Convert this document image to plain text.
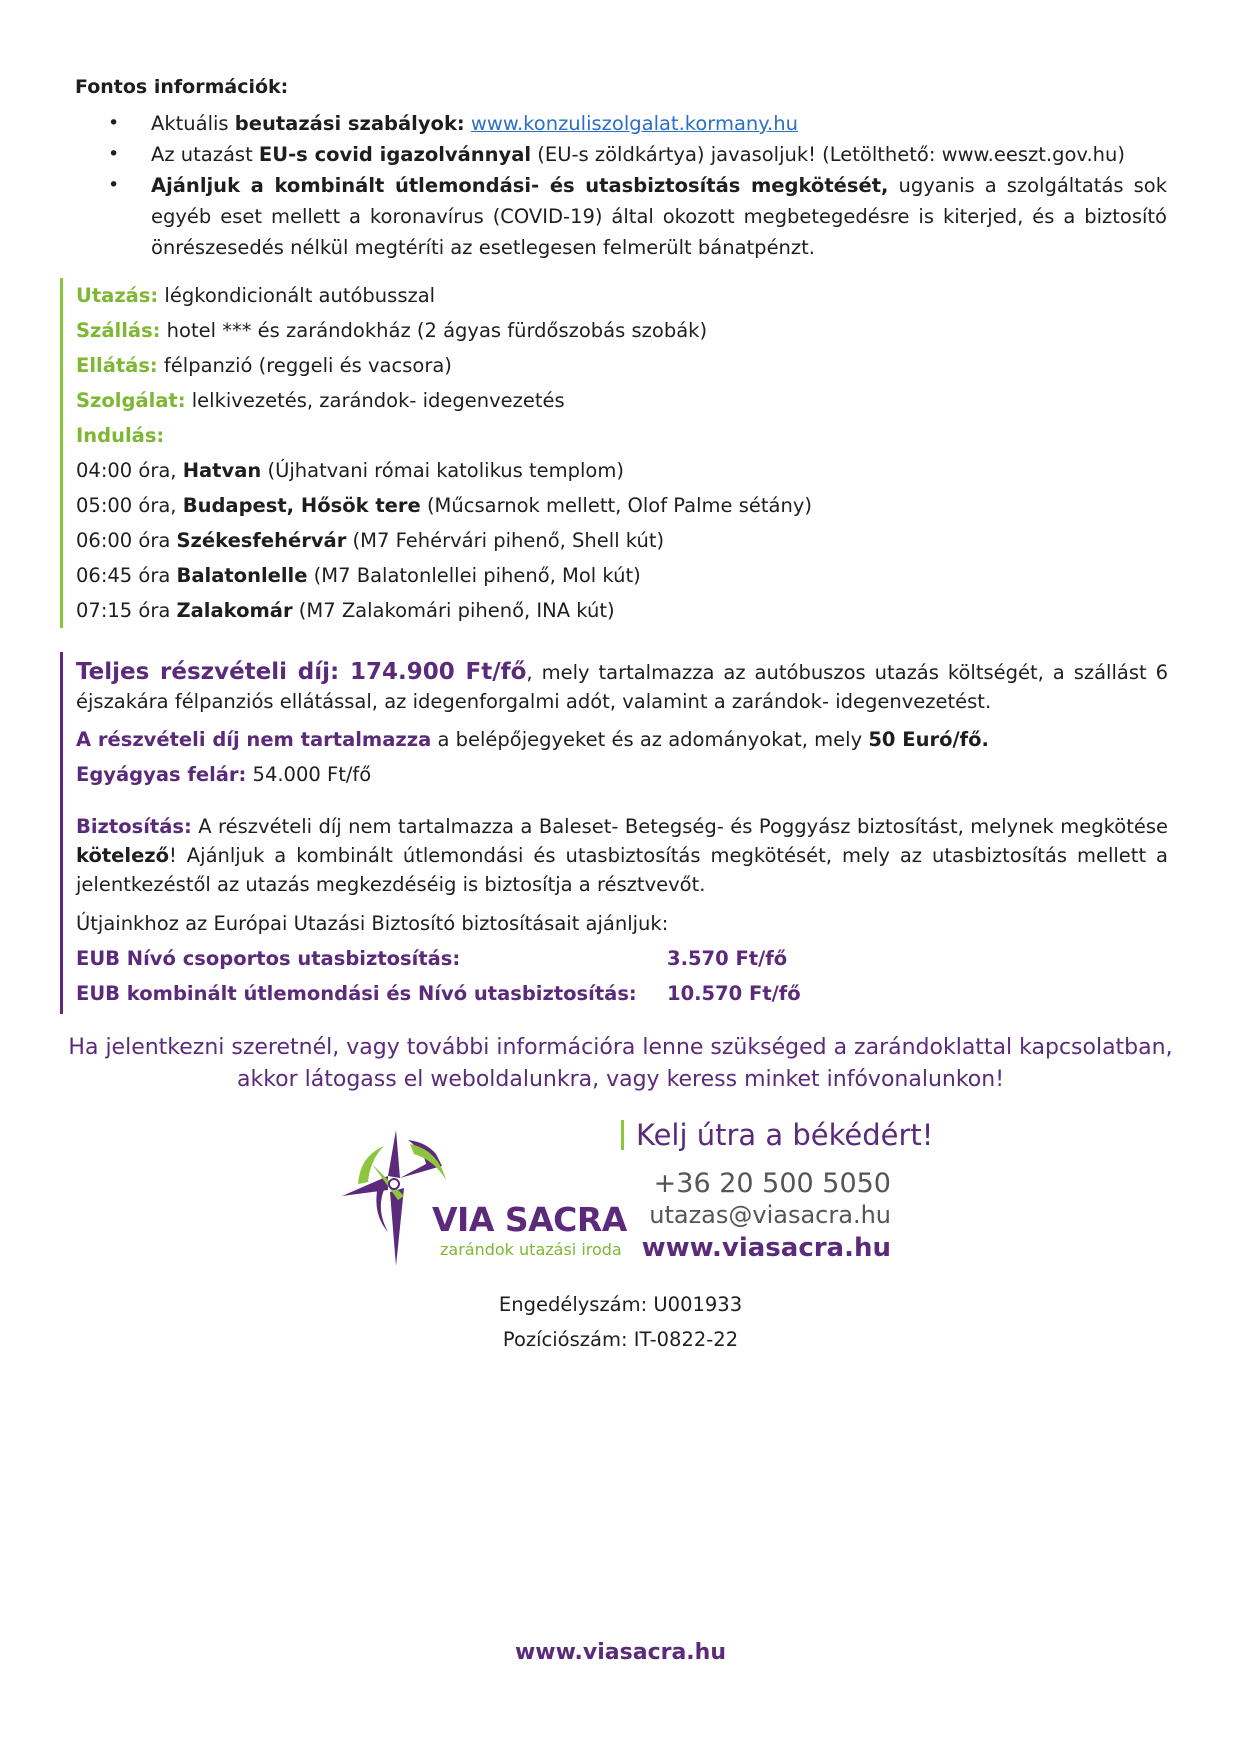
Fontos információk:
• Aktuális beutazási szabályok: www.konzuliszolgalat.kormany.hu
• Az utazást EU-s covid igazolvánnyal (EU-s zöldkártya) javasoljuk! (Letölthető: www.eeszt.gov.hu)
• Ajánljuk a kombinált útlemondási- és utasbiztosítás megkötését, ugyanis a szolgáltatás sok egyéb eset mellett a koronavírus (COVID-19) által okozott megbetegedésre is kiterjed, és a biztosító önrészesedés nélkül megtéríti az esetlegesen felmerült bánatpénzt.
Utazás: légkondicionált autóbusszal
Szállás: hotel *** és zarándokház (2 ágyas fürdőszobás szobák)
Ellátás: félpanzió (reggeli és vacsora)
Szolgálat: lelkivezetés, zarándok- idegenvezetés
Indulás:
04:00 óra, Hatvan (Újhatvani római katolikus templom)
05:00 óra, Budapest, Hősök tere (Műcsarnok mellett, Olof Palme sétány)
06:00 óra Székesfehérvár (M7 Fehérvári pihenő, Shell kút)
06:45 óra Balatonlelle (M7 Balatonlellei pihenő, Mol kút)
07:15 óra Zalakomár (M7 Zalakomári pihenő, INA kút)
Teljes részvételi díj: 174.900 Ft/fő, mely tartalmazza az autóbuszos utazás költségét, a szállást 6 éjszakára félpanziós ellátással, az idegenforgalmi adót, valamint a zarándok- idegenvezetést.
A részvételi díj nem tartalmazza a belépőjegyeket és az adományokat, mely 50 Euró/fő.
Egyágyas felár: 54.000 Ft/fő
Biztosítás: A részvételi díj nem tartalmazza a Baleset- Betegség- és Poggyász biztosítást, melynek megkötése kötelező! Ajánljuk a kombinált útlemondási és utasbiztosítás megkötését, mely az utasbiztosítás mellett a jelentkezéstől az utazás megkezdéséig is biztosítja a résztvevőt.
Útjainkhoz az Európai Utazási Biztosító biztosításait ajánljuk:
EUB Nívó csoportos utasbiztosítás:	3.570 Ft/fő
EUB kombinált útlemondási és Nívó utasbiztosítás: 10.570 Ft/fő
Ha jelentkezni szeretnél, vagy további információra lenne szükséged a zarándoklattal kapcsolatban,
akkor látogass el weboldalunkra, vagy keress minket infóvonalunkon!
VIA SACRA
zarándok utazási iroda
Kelj útra a békédért!
+36 20 500 5050
utazas@viasacra.hu
www.viasacra.hu
Engedélyszám: U001933
Pozíciószám: IT-0822-22
www.viasacra.hu
